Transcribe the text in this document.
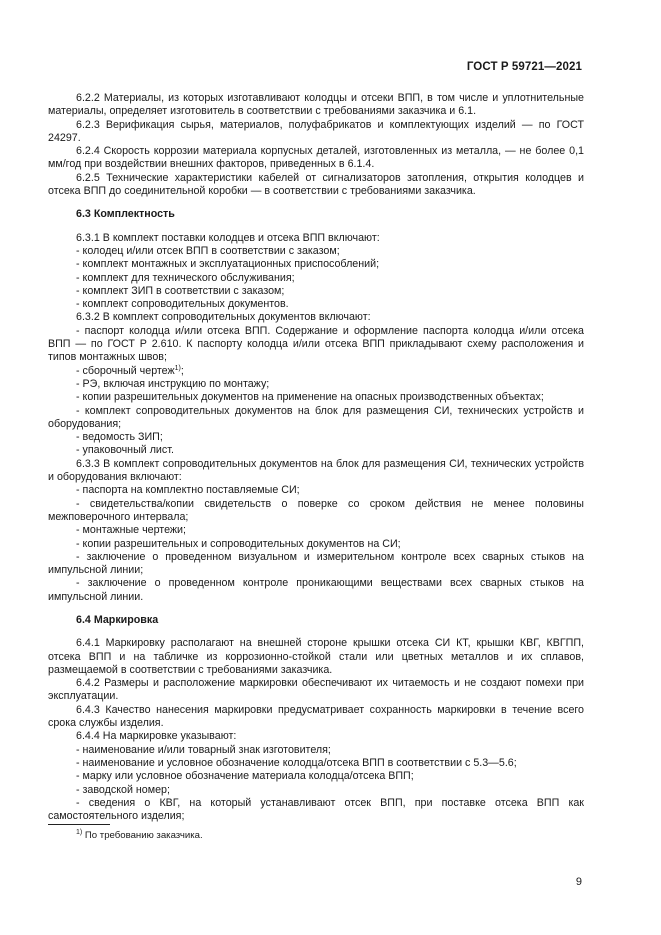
ГОСТ Р 59721—2021

6.2.2 Материалы, из которых изготавливают колодцы и отсеки ВПП, в том числе и уплотнительные материалы, определяет изготовитель в соответствии с требованиями заказчика и 6.1.

6.2.3 Верификация сырья, материалов, полуфабрикатов и комплектующих изделий — по ГОСТ 24297.

6.2.4 Скорость коррозии материала корпусных деталей, изготовленных из металла, — не более 0,1 мм/год при воздействии внешних факторов, приведенных в 6.1.4.

6.2.5 Технические характеристики кабелей от сигнализаторов затопления, открытия колодцев и отсека ВПП до соединительной коробки — в соответствии с требованиями заказчика.

6.3 Комплектность

6.3.1 В комплект поставки колодцев и отсека ВПП включают:

- колодец и/или отсек ВПП в соответствии с заказом;

- комплект монтажных и эксплуатационных приспособлений;

- комплект для технического обслуживания;

- комплект ЗИП в соответствии с заказом;

- комплект сопроводительных документов.

6.3.2 В комплект сопроводительных документов включают:

- паспорт колодца и/или отсека ВПП. Содержание и оформление паспорта колодца и/или отсека ВПП — по ГОСТ Р 2.610. К паспорту колодца и/или отсека ВПП прикладывают схему расположения и типов монтажных швов;

- сборочный чертеж$^{1)}$;

- РЭ, включая инструкцию по монтажу;

- копии разрешительных документов на применение на опасных производственных объектах;

- комплект сопроводительных документов на блок для размещения СИ, технических устройств и оборудования;

- ведомость ЗИП;

- упаковочный лист.

6.3.3 В комплект сопроводительных документов на блок для размещения СИ, технических устройств и оборудования включают:

- паспорта на комплектно поставляемые СИ;

- свидетельства/копии свидетельств о поверке со сроком действия не менее половины межповерочного интервала;

- монтажные чертежи;

- копии разрешительных и сопроводительных документов на СИ;

- заключение о проведенном визуальном и измерительном контроле всех сварных стыков на импульсной линии;

- заключение о проведенном контроле проникающими веществами всех сварных стыков на импульсной линии.

6.4 Маркировка

6.4.1 Маркировку располагают на внешней стороне крышки отсека СИ КТ, крышки КВГ, КВГПП, отсека ВПП и на табличке из коррозионно-стойкой стали или цветных металлов и их сплавов, размещаемой в соответствии с требованиями заказчика.

6.4.2 Размеры и расположение маркировки обеспечивают их читаемость и не создают помехи при эксплуатации.

6.4.3 Качество нанесения маркировки предусматривает сохранность маркировки в течение всего срока службы изделия.

6.4.4 На маркировке указывают:

- наименование и/или товарный знак изготовителя;

- наименование и условное обозначение колодца/отсека ВПП в соответствии с 5.3—5.6;

- марку или условное обозначение материала колодца/отсека ВПП;

- заводской номер;

- сведения о КВГ, на который устанавливают отсек ВПП, при поставке отсека ВПП как самостоятельного изделия;

$^{1)}$ По требованию заказчика.
9
